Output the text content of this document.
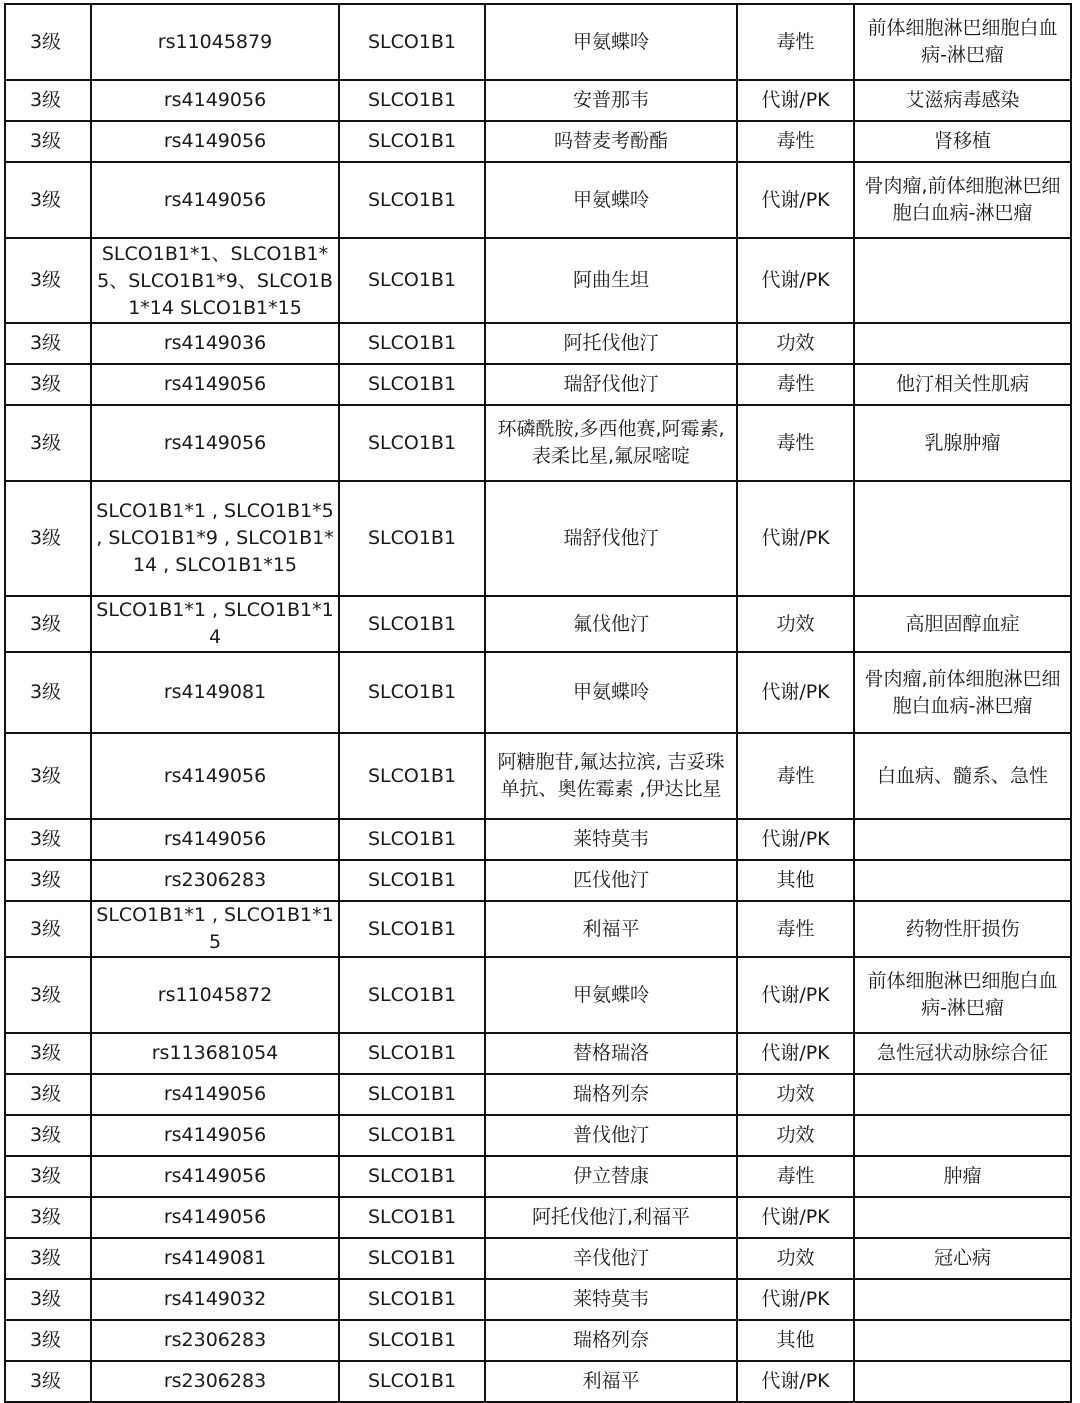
3级	rs11045879	SLCO1B1	甲氨蝶呤	毒性	前体细胞淋巴细胞白血病-淋巴瘤
3级	rs4149056	SLCO1B1	安普那韦	代谢/PK	艾滋病毒感染
3级	rs4149056	SLCO1B1	吗替麦考酚酯	毒性	肾移植
3级	rs4149056	SLCO1B1	甲氨蝶呤	代谢/PK	骨肉瘤,前体细胞淋巴细胞白血病-淋巴瘤
3级	SLCO1B1*1、SLCO1B1*5、SLCO1B1*9、SLCO1B1*14 SLCO1B1*15	SLCO1B1	阿曲生坦	代谢/PK	
3级	rs4149036	SLCO1B1	阿托伐他汀	功效	
3级	rs4149056	SLCO1B1	瑞舒伐他汀	毒性	他汀相关性肌病
3级	rs4149056	SLCO1B1	环磷酰胺,多西他赛,阿霉素,表柔比星,氟尿嘧啶	毒性	乳腺肿瘤
3级	SLCO1B1*1 , SLCO1B1*5 , SLCO1B1*9 , SLCO1B1*14 , SLCO1B1*15	SLCO1B1	瑞舒伐他汀	代谢/PK	
3级	SLCO1B1*1 , SLCO1B1*14	SLCO1B1	氟伐他汀	功效	高胆固醇血症
3级	rs4149081	SLCO1B1	甲氨蝶呤	代谢/PK	骨肉瘤,前体细胞淋巴细胞白血病-淋巴瘤
3级	rs4149056	SLCO1B1	阿糖胞苷,氟达拉滨, 吉妥珠单抗、奥佐霉素 ,伊达比星	毒性	白血病、髓系、急性
3级	rs4149056	SLCO1B1	莱特莫韦	代谢/PK	
3级	rs2306283	SLCO1B1	匹伐他汀	其他	
3级	SLCO1B1*1 , SLCO1B1*15	SLCO1B1	利福平	毒性	药物性肝损伤
3级	rs11045872	SLCO1B1	甲氨蝶呤	代谢/PK	前体细胞淋巴细胞白血病-淋巴瘤
3级	rs113681054	SLCO1B1	替格瑞洛	代谢/PK	急性冠状动脉综合征
3级	rs4149056	SLCO1B1	瑞格列奈	功效	
3级	rs4149056	SLCO1B1	普伐他汀	功效	
3级	rs4149056	SLCO1B1	伊立替康	毒性	肿瘤
3级	rs4149056	SLCO1B1	阿托伐他汀,利福平	代谢/PK	
3级	rs4149081	SLCO1B1	辛伐他汀	功效	冠心病
3级	rs4149032	SLCO1B1	莱特莫韦	代谢/PK	
3级	rs2306283	SLCO1B1	瑞格列奈	其他	
3级	rs2306283	SLCO1B1	利福平	代谢/PK	
